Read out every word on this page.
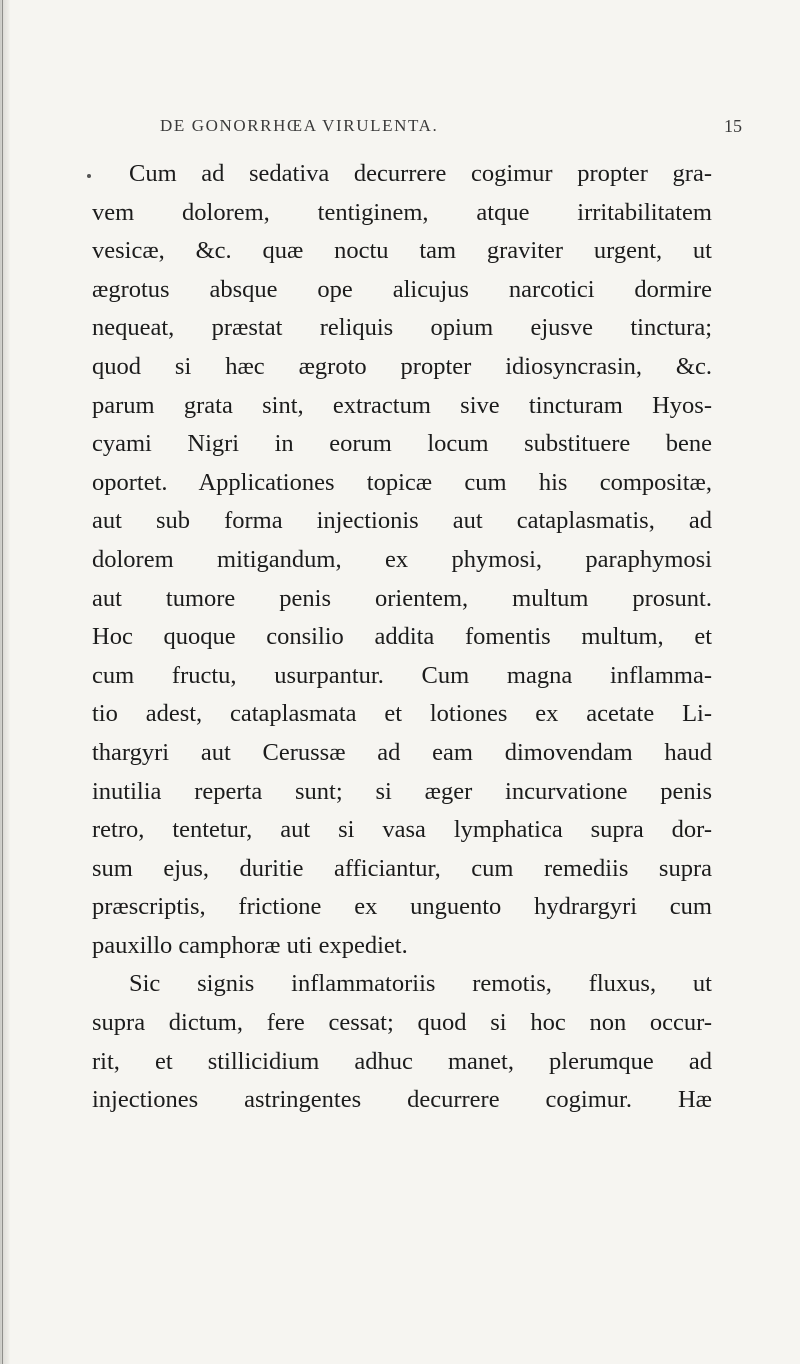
DE GONORRHŒA VIRULENTA.	15
Cum ad sedativa decurrere cogimur propter gra-
vem dolorem, tentiginem, atque irritabilitatem
vesicæ, &c. quæ noctu tam graviter urgent, ut
ægrotus absque ope alicujus narcotici dormire
nequeat, præstat reliquis opium ejusve tinctura;
quod si hæc ægroto propter idiosyncrasin, &c.
parum grata sint, extractum sive tincturam Hyos-
cyami Nigri in eorum locum substituere bene
oportet. Applicationes topicæ cum his compositæ,
aut sub forma injectionis aut cataplasmatis, ad
dolorem mitigandum, ex phymosi, paraphymosi
aut tumore penis orientem, multum prosunt.
Hoc quoque consilio addita fomentis multum, et
cum fructu, usurpantur. Cum magna inflamma-
tio adest, cataplasmata et lotiones ex acetate Li-
thargyri aut Cerussæ ad eam dimovendam haud
inutilia reperta sunt; si æger incurvatione penis
retro, tentetur, aut si vasa lymphatica supra dor-
sum ejus, duritie afficiantur, cum remediis supra
præscriptis, frictione ex unguento hydrargyri cum
pauxillo camphoræ uti expediet.
Sic signis inflammatoriis remotis, fluxus, ut
supra dictum, fere cessat; quod si hoc non occur-
rit, et stillicidium adhuc manet, plerumque ad
injectiones astringentes decurrere cogimur. Hæ
